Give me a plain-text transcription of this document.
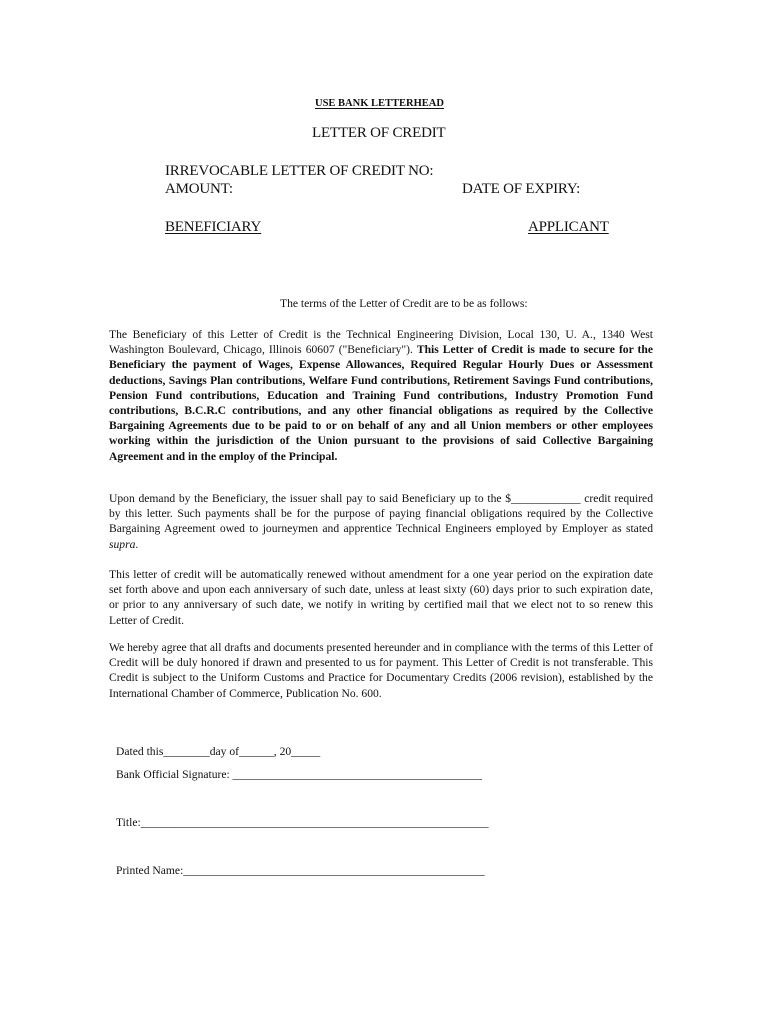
USE BANK LETTERHEAD
LETTER OF CREDIT
IRREVOCABLE LETTER OF CREDIT NO:
AMOUNT:	DATE OF EXPIRY:
BENEFICIARY	APPLICANT
The terms of the Letter of Credit are to be as follows:
The Beneficiary of this Letter of Credit is the Technical Engineering Division, Local 130, U. A., 1340 West Washington Boulevard, Chicago, Illinois 60607 ("Beneficiary"). This Letter of Credit is made to secure for the Beneficiary the payment of Wages, Expense Allowances, Required Regular Hourly Dues or Assessment deductions, Savings Plan contributions, Welfare Fund contributions, Retirement Savings Fund contributions, Pension Fund contributions, Education and Training Fund contributions, Industry Promotion Fund contributions, B.C.R.C contributions, and any other financial obligations as required by the Collective Bargaining Agreements due to be paid to or on behalf of any and all Union members or other employees working within the jurisdiction of the Union pursuant to the provisions of said Collective Bargaining Agreement and in the employ of the Principal.
Upon demand by the Beneficiary, the issuer shall pay to said Beneficiary up to the $____________ credit required by this letter. Such payments shall be for the purpose of paying financial obligations required by the Collective Bargaining Agreement owed to journeymen and apprentice Technical Engineers employed by Employer as stated supra.
This letter of credit will be automatically renewed without amendment for a one year period on the expiration date set forth above and upon each anniversary of such date, unless at least sixty (60) days prior to such expiration date, or prior to any anniversary of such date, we notify in writing by certified mail that we elect not to so renew this Letter of Credit.
We hereby agree that all drafts and documents presented hereunder and in compliance with the terms of this Letter of Credit will be duly honored if drawn and presented to us for payment. This Letter of Credit is not transferable. This Credit is subject to the Uniform Customs and Practice for Documentary Credits (2006 revision), established by the International Chamber of Commerce, Publication No. 600.
Dated this________day of______, 20_____
Bank Official Signature: ___________________________________________
Title:____________________________________________________________
Printed Name:____________________________________________________
